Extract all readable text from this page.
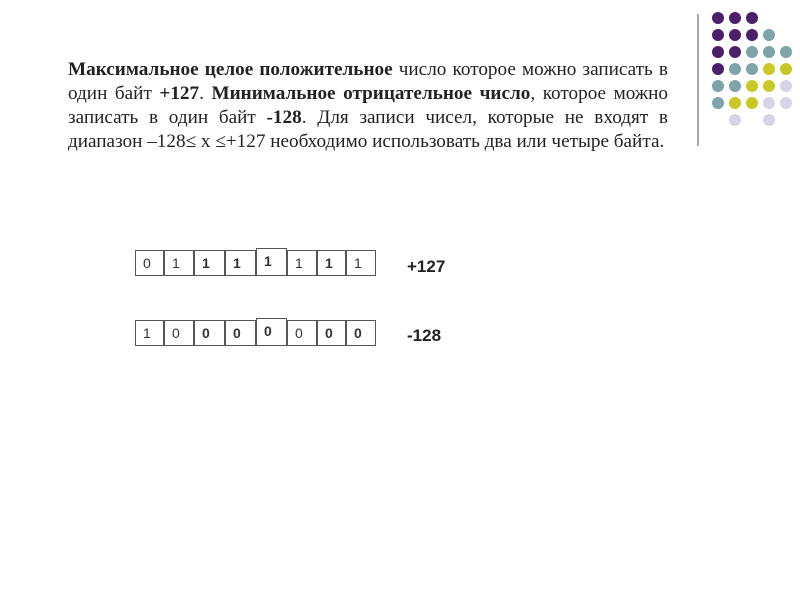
Максимальное целое положительное число которое можно записать в один байт +127. Минимальное отрицательное число, которое можно записать в один байт -128. Для записи чисел, которые не входят в диапазон –128≤ x ≤+127 необходимо использовать два или четыре байта.
0	1	1	1	1	1	1	1	+127
1	0	0	0	0	0	0	0	-128
